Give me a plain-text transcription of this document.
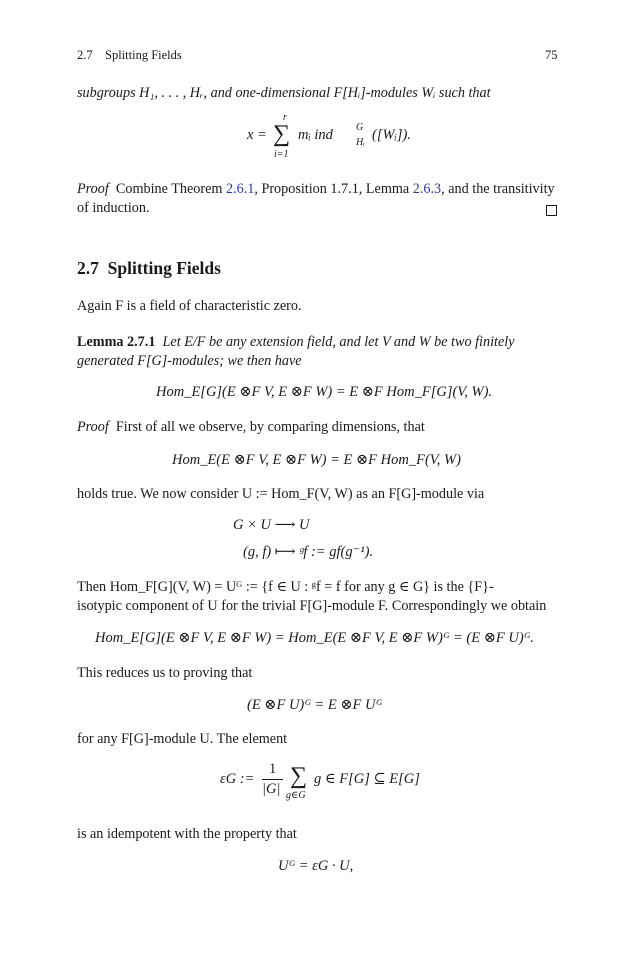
2.7 Splitting Fields	75
subgroups H₁, . . . , Hᵣ, and one-dimensional F[Hᵢ]-modules Wᵢ such that
x =
r
∑
i=1
mᵢ ind G
Hᵢ ([Wᵢ]).
Proof Combine Theorem 2.6.1, Proposition 1.7.1, Lemma 2.6.3, and the transitivity
of induction.
2.7 Splitting Fields
Again F is a field of characteristic zero.
Lemma 2.7.1 Let E/F be any extension field, and let V and W be two finitely
generated F[G]-modules; we then have
Hom_E[G](E ⊗F V, E ⊗F W) = E ⊗F Hom_F[G](V, W).
Proof First of all we observe, by comparing dimensions, that
Hom_E(E ⊗F V, E ⊗F W) = E ⊗F Hom_F(V, W)
holds true. We now consider U := Hom_F(V, W) as an F[G]-module via
G × U ⟶ U
(g, f) ⟼ ᵍf := gf(g⁻¹).
Then Hom_F[G](V, W) = Uᴳ := {f ∈ U : ᵍf = f for any g ∈ G} is the {F}-
isotypic component of U for the trivial F[G]-module F. Correspondingly we obtain
Hom_E[G](E ⊗F V, E ⊗F W) = Hom_E(E ⊗F V, E ⊗F W)ᴳ = (E ⊗F U)ᴳ.
This reduces us to proving that
(E ⊗F U)ᴳ = E ⊗F Uᴳ
for any F[G]-module U. The element
εG :=
1
|G| ∑
g∈G
g ∈ F[G] ⊆ E[G]
is an idempotent with the property that
Uᴳ = εG · U,
